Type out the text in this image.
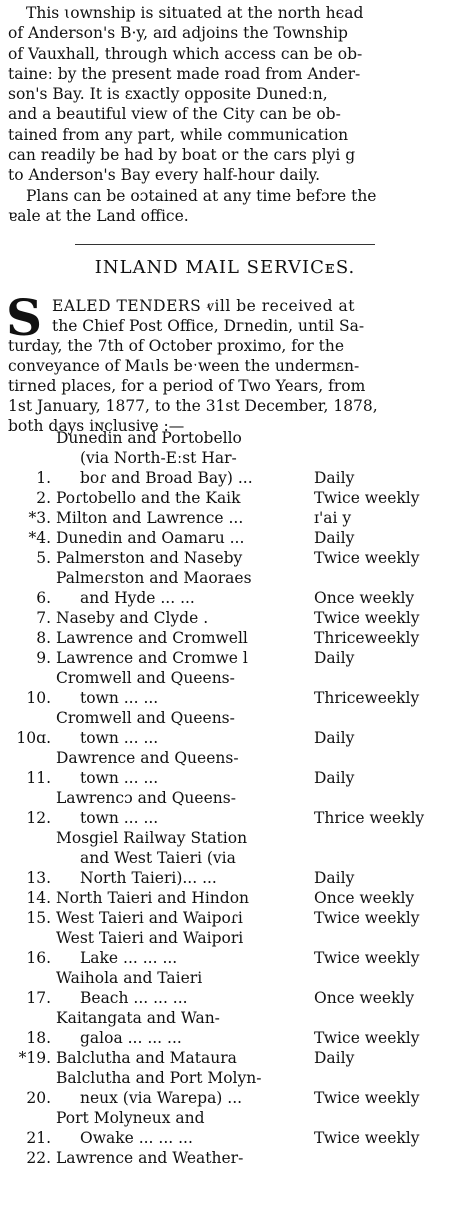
This ɩownship is situated at the north hєad
of Anderson's B·y, aɪd adjoins the Township
of Vauxhall, through which access can be ob-
taineː by the present made road from Ander-
son's Bay. It is ɛxactly opposite Dunedːn,
and a beautiful view of the City can be ob-
tained from any part, while communication
can readily be had by boat or the cars plyi g
to Anderson's Bay every half-hour daily.
Plans can be oɔtained at any time befɔre the
ɐale at the Land office.
INLAND MAIL SERVICᴇS.
S EALED TENDERS ⱴill be received at
the Chief Post Office, Dᴦnedin, until Sa-
turday, the 7th of October proximo, for the
conveyance of Maɩls beˑween the undermɛn-
tiᴦned places, for a period of Two Years, from
1st January, 1877, to the 31st December, 1878,
both days iɴclusive :—
1.
Dunedin and Portobello
(via North-Eːst Har-
boɾ and Broad Bay) ...	Daily
2. Poɾtobello and the Kaik	Twice weekly
*3. Milton and Lawrence ...	ɪ'ai y
*4. Dunedin and Oamaru ...	Daily
5. Palmerston and Naseby	Twice weekly
6.
Palmeɾston and Maoraes
and Hyde ... ...	Once weekly
7. Naseby and Clyde .	Twice weekly
8. Lawrence and Cromwell	Thriceweekly
9. Lawrence and Cromwe l	Daily
10.
Cromwell and Queens-
town ... ...	Thriceweekly
10ɑ.
Cromwell and Queens-
town ... ...	Daily
11.
Dawrence and Queens-
town ... ...	Daily
12.
Lawrencɔ and Queens-
town ... ...	Thrice weekly
13.
Mosgiel Railway Station
and West Taieri (via
North Taieri)... ...	Daily
14. North Taieri and Hindon	Once weekly
15. West Taieri and Waipoɾi	Twice weekly
16.
West Taieri and Waipori
Lake ... ... ...	Twice weekly
17.
Waihola and Taieri
Beach ... ... ...	Once weekly
18.
Kaitangata and Wan-
galoa ... ... ...	Twice weekly
*19. Balclutha and Mataura	Daily
20.
Balclutha and Port Molyn-
neux (via Warepa) ...	Twice weekly
21.
Port Molyneux and
Owake ... ... ...	Twice weekly
22. Lawrence and Weather-
